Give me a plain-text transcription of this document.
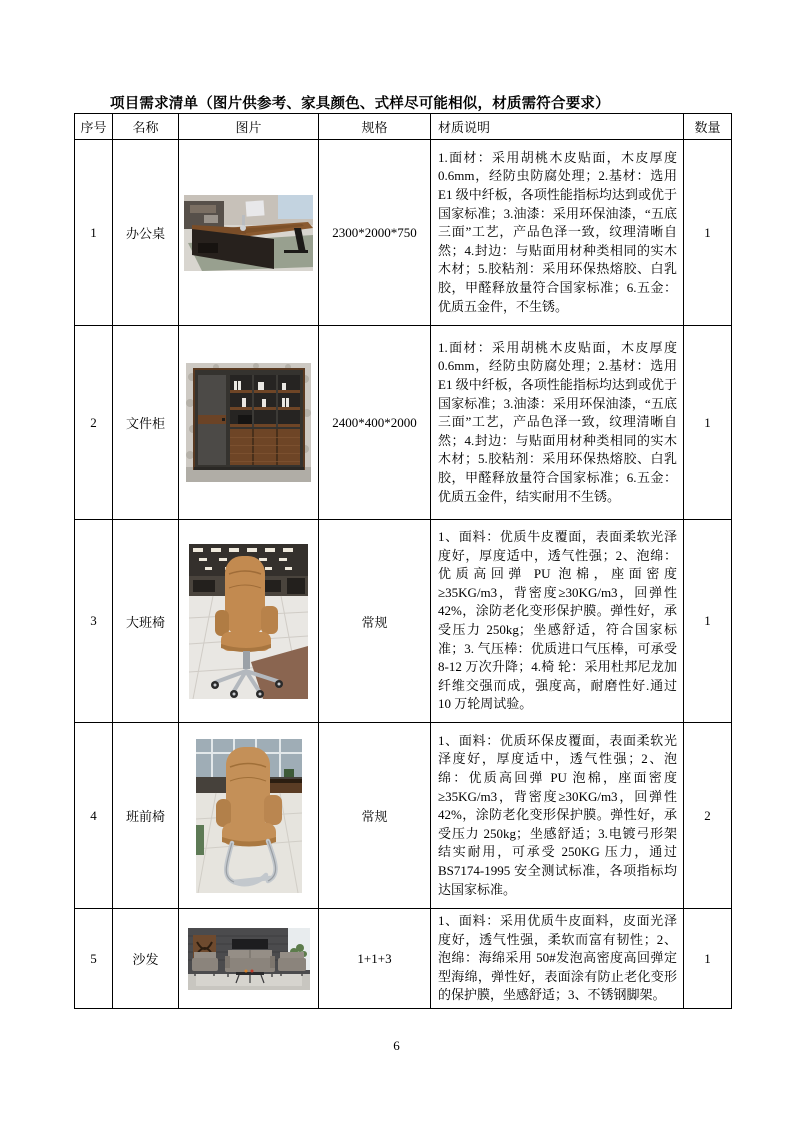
项目需求清单（图片供参考、家具颜色、式样尽可能相似，材质需符合要求）
序号	名称	图片	规格	材质说明	数量
1	办公桌		2300*2000*750	1.面材：采用胡桃木皮贴面，木皮厚度 0.6mm，经防虫防腐处理；2.基材：选用 E1 级中纤板，各项性能指标均达到或优于国家标准；3.油漆：采用环保油漆，“五底三面”工艺，产品色泽一致，纹理清晰自然；4.封边：与贴面用材种类相同的实木木材；5.胶粘剂：采用环保热熔胶、白乳胶，甲醛释放量符合国家标准；6.五金：优质五金件，不生锈。	1
2	文件柜		2400*400*2000	1.面材：采用胡桃木皮贴面，木皮厚度 0.6mm，经防虫防腐处理；2.基材：选用 E1 级中纤板，各项性能指标均达到或优于国家标准；3.油漆：采用环保油漆，“五底三面”工艺，产品色泽一致，纹理清晰自然；4.封边：与贴面用材种类相同的实木木材；5.胶粘剂：采用环保热熔胶、白乳胶，甲醛释放量符合国家标准；6.五金：优质五金件，结实耐用不生锈。	1
3	大班椅		常规	1、面料：优质牛皮覆面，表面柔软光泽度好，厚度适中，透气性强；2、泡绵：优质高回弹 PU 泡棉，座面密度≥35KG/m3，背密度≥30KG/m3，回弹性 42%，涂防老化变形保护膜。弹性好，承受压力 250kg；坐感舒适，符合国家标准；3. 气压棒：优质进口气压棒，可承受 8-12 万次升降；4.椅 轮：采用杜邦尼龙加纤维交强而成，强度高，耐磨性好.通过 10 万轮周试验。	1
4	班前椅		常规	1、面料：优质环保皮覆面，表面柔软光泽度好，厚度适中，透气性强；2、泡绵：优质高回弹 PU 泡棉，座面密度≥35KG/m3，背密度≥30KG/m3，回弹性 42%，涂防老化变形保护膜。弹性好，承受压力 250kg；坐感舒适；3.电镀弓形架结实耐用，可承受 250KG 压力，通过 BS7174-1995 安全测试标准，各项指标均达国家标准。	2
5	沙发		1+1+3	1、面料：采用优质牛皮面料，皮面光泽度好，透气性强，柔软而富有韧性；2、泡绵：海绵采用 50#发泡高密度高回弹定型海绵，弹性好，表面涂有防止老化变形的保护膜，坐感舒适；3、不锈钢脚架。	1
6
